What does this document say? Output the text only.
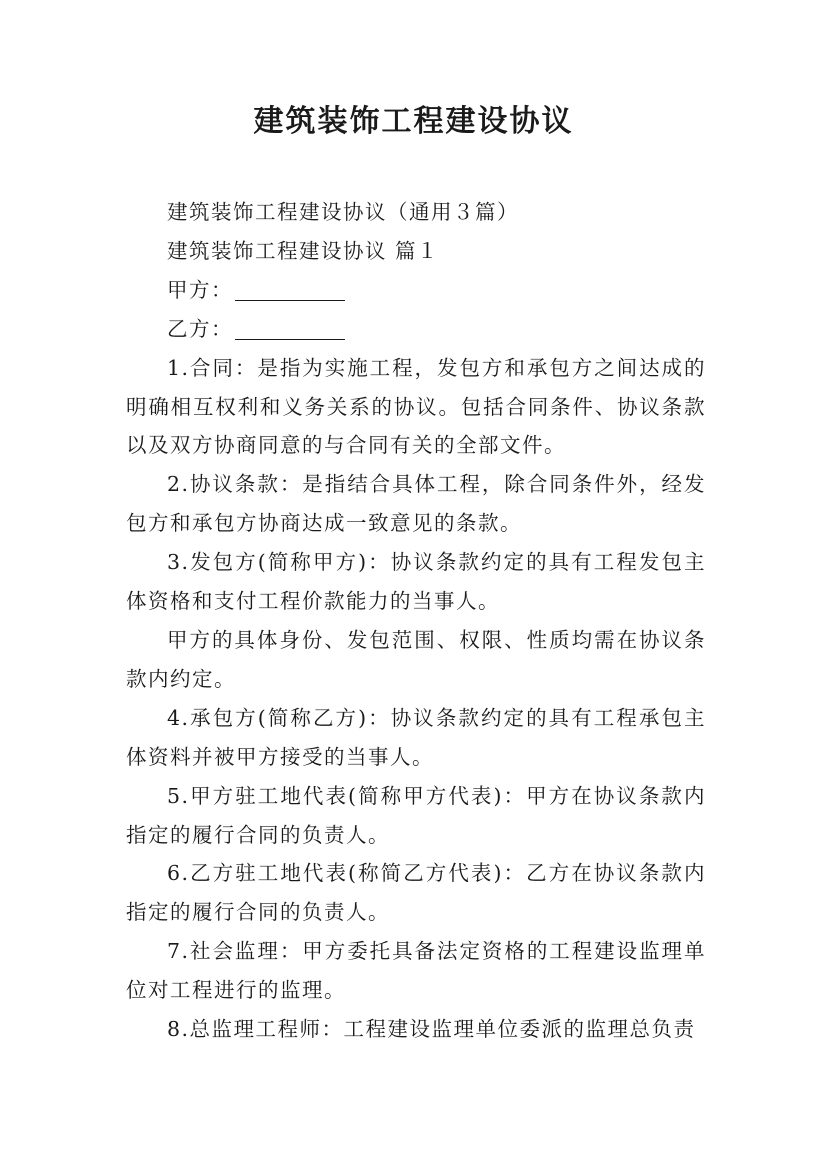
建筑装饰工程建设协议

建筑装饰工程建设协议（通用３篇）

建筑装饰工程建设协议 篇１

甲方：

乙方：

1.合同：是指为实施工程，发包方和承包方之间达成的明确相互权利和义务关系的协议。包括合同条件、协议条款以及双方协商同意的与合同有关的全部文件。

2.协议条款：是指结合具体工程，除合同条件外，经发包方和承包方协商达成一致意见的条款。

3.发包方(简称甲方)：协议条款约定的具有工程发包主体资格和支付工程价款能力的当事人。

甲方的具体身份、发包范围、权限、性质均需在协议条款内约定。

4.承包方(简称乙方)：协议条款约定的具有工程承包主体资料并被甲方接受的当事人。

5.甲方驻工地代表(简称甲方代表)：甲方在协议条款内指定的履行合同的负责人。

6.乙方驻工地代表(称简乙方代表)：乙方在协议条款内指定的履行合同的负责人。

7.社会监理：甲方委托具备法定资格的工程建设监理单位对工程进行的监理。

8.总监理工程师：工程建设监理单位委派的监理总负责
